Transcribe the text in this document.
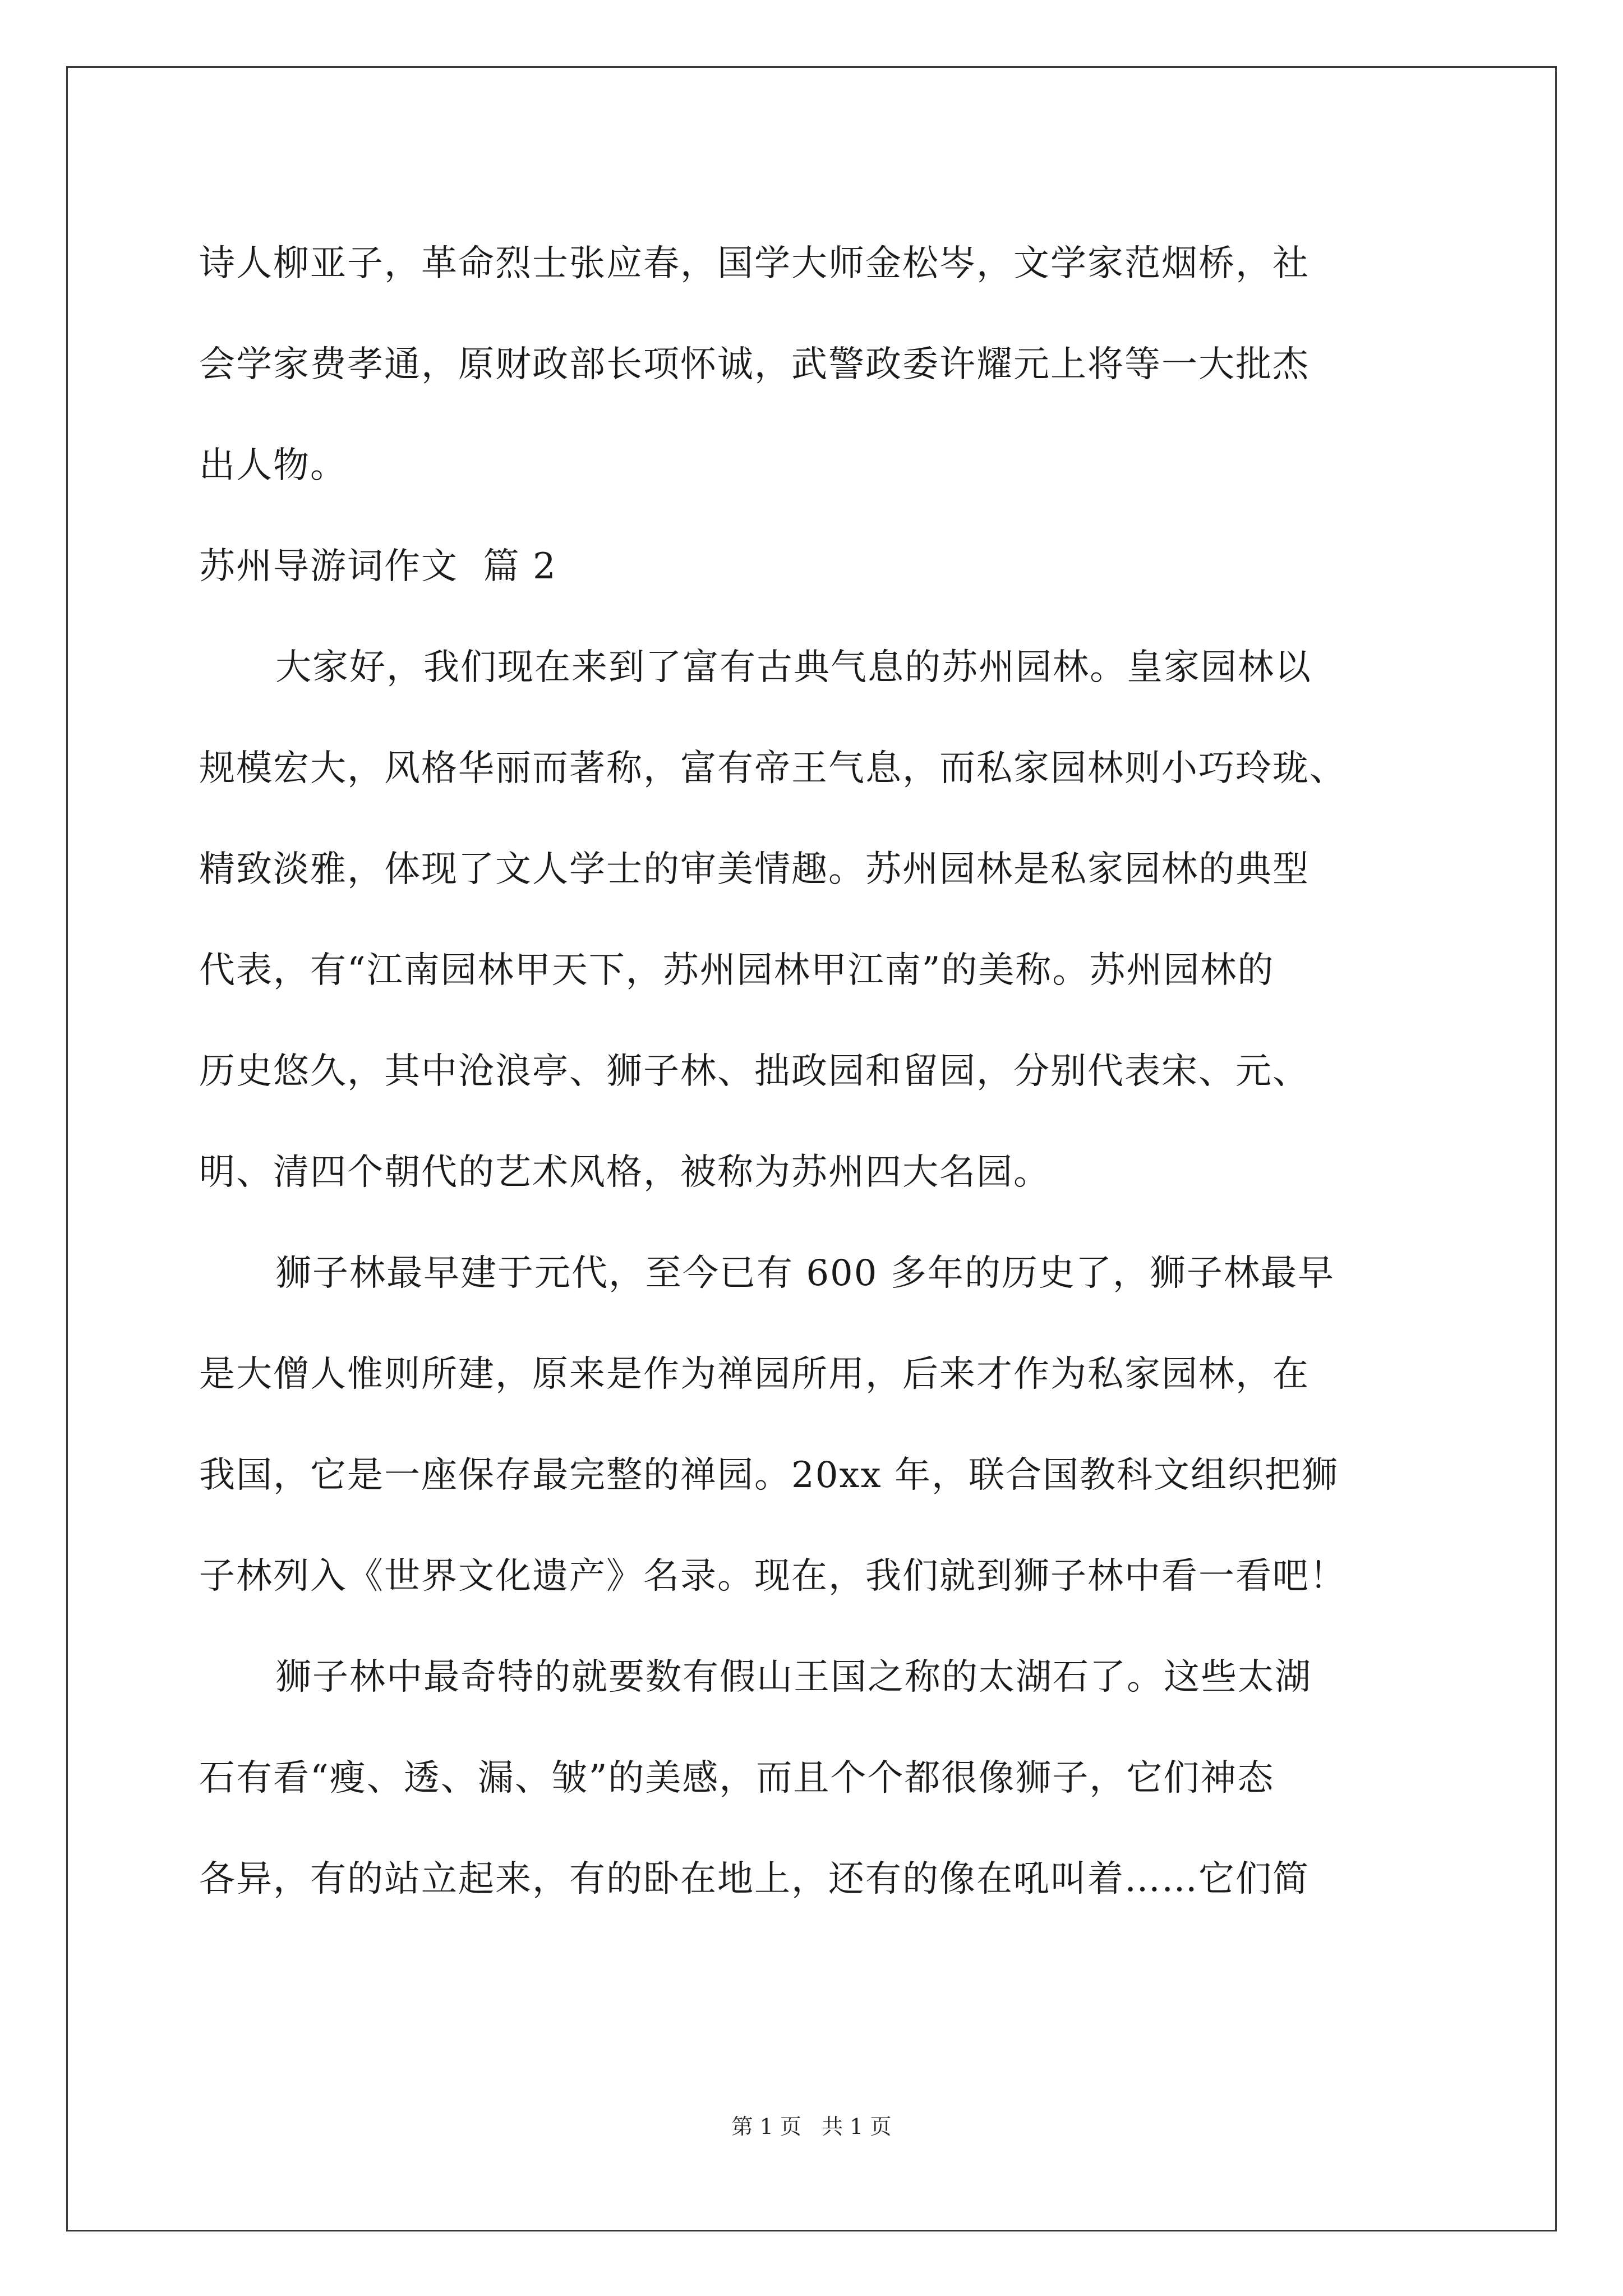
诗人柳亚子，革命烈士张应春，国学大师金松岑，文学家范烟桥，社
会学家费孝通，原财政部长项怀诚，武警政委许耀元上将等一大批杰
出人物。

苏州导游词作文  篇 2

大家好，我们现在来到了富有古典气息的苏州园林。皇家园林以
规模宏大，风格华丽而著称，富有帝王气息，而私家园林则小巧玲珑、
精致淡雅，体现了文人学士的审美情趣。苏州园林是私家园林的典型
代表，有“江南园林甲天下，苏州园林甲江南”的美称。苏州园林的
历史悠久，其中沧浪亭、狮子林、拙政园和留园，分别代表宋、元、
明、清四个朝代的艺术风格，被称为苏州四大名园。

狮子林最早建于元代，至今已有 600 多年的历史了，狮子林最早
是大僧人惟则所建，原来是作为禅园所用，后来才作为私家园林，在
我国，它是一座保存最完整的禅园。20xx 年，联合国教科文组织把狮
子林列入《世界文化遗产》名录。现在，我们就到狮子林中看一看吧！

狮子林中最奇特的就要数有假山王国之称的太湖石了。这些太湖
石有看“瘦、透、漏、皱”的美感，而且个个都很像狮子，它们神态
各异，有的站立起来，有的卧在地上，还有的像在吼叫着……它们简

第 1 页   共 1 页
